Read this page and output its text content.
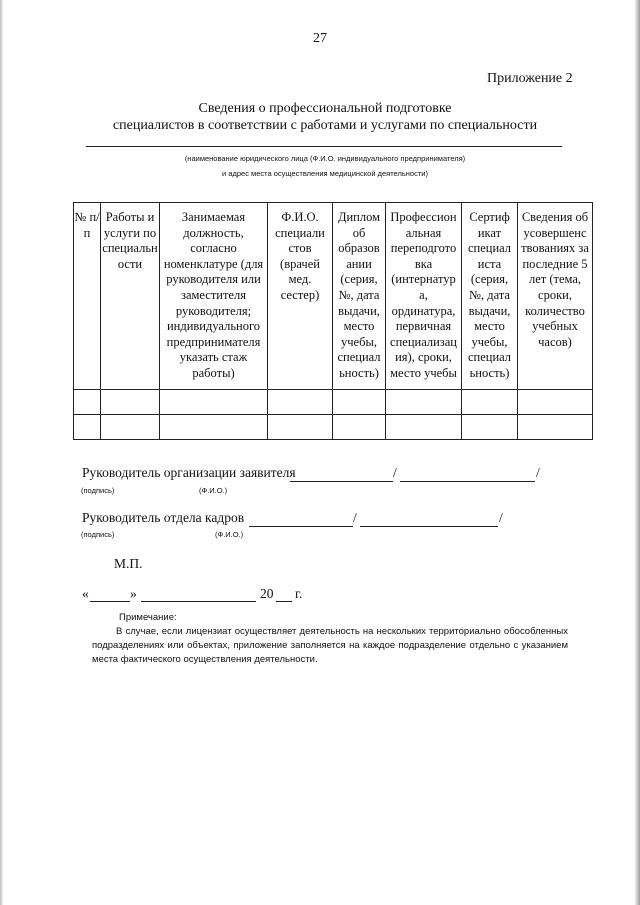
27
Приложение 2
Сведения о профессиональной подготовке
специалистов в соответствии с работами и услугами по специальности
(наименование юридического лица (Ф.И.О. индивидуального предпринимателя)
и адрес места осуществления медицинской деятельности)
№ п/п	Работы и услуги по специальн ости	Занимаемая должность, согласно номенклатуре (для руководителя или заместителя руководителя; индивидуального предпринимателя указать стаж работы)	Ф.И.О. специали стов (врачей мед. сестер)	Диплом об образов ании (серия, №, дата выдачи, место учебы, специал ьность)	Профессион альная переподгото вка (интернатур а, ординатура, первичная специализац ия), сроки, место учебы	Сертиф икат специал иста (серия, №, дата выдачи, место учебы, специал ьность)	Сведения об усовершенс твованиях за последние 5 лет (тема, сроки, количество учебных часов)

Руководитель организации заявителя	/	/
(подпись)	(Ф.И.О.)
Руководитель отдела кадров	/	/
(подпись)	(Ф.И.О.)
М.П.
«	»	20 г.
Примечание:
В случае, если лицензиат осуществляет деятельность на нескольких территориально обособленных подразделениях или объектах, приложение заполняется на каждое подразделение отдельно с указанием места фактического осуществления деятельности.
